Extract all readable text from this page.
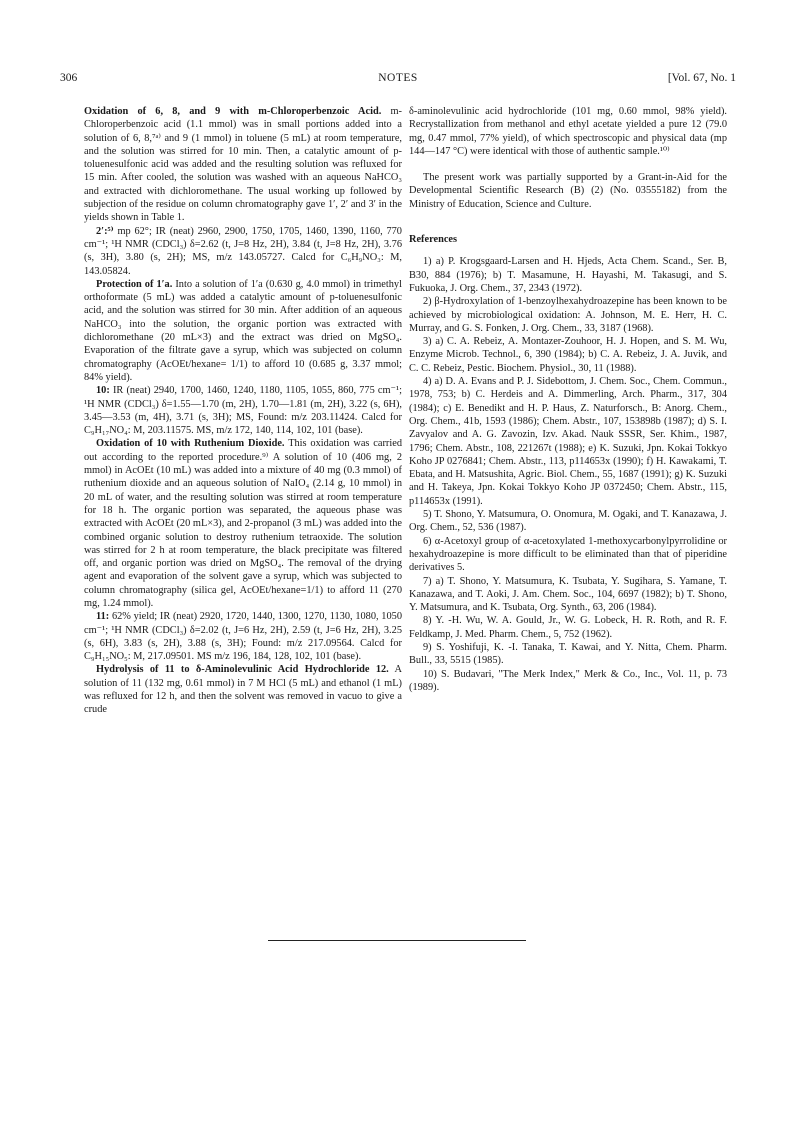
306	NOTES	[Vol. 67, No. 1

Oxidation of 6, 8, and 9 with m-Chloroperbenzoic Acid. m-Chloroperbenzoic acid (1.1 mmol) was in small portions added into a solution of 6, 8,⁷ᵃ⁾ and 9 (1 mmol) in toluene (5 mL) at room temperature, and the solution was stirred for 10 min. Then, a catalytic amount of p-toluenesulfonic acid was added and the resulting solution was refluxed for 15 min. After cooled, the solution was washed with an aqueous NaHCO₃ and extracted with dichloromethane. The usual working up followed by subjection of the residue on column chromatography gave 1′, 2′ and 3′ in the yields shown in Table 1.

2′:⁵⁾ mp 62°; IR (neat) 2960, 2900, 1750, 1705, 1460, 1390, 1160, 770 cm⁻¹; ¹H NMR (CDCl₃) δ=2.62 (t, J=8 Hz, 2H), 3.84 (t, J=8 Hz, 2H), 3.76 (s, 3H), 3.80 (s, 2H); MS, m/z 143.05727. Calcd for C₆H₉NO₃: M, 143.05824.

Protection of 1′a. Into a solution of 1′a (0.630 g, 4.0 mmol) in trimethyl orthoformate (5 mL) was added a catalytic amount of p-toluenesulfonic acid, and the solution was stirred for 30 min. After addition of an aqueous NaHCO₃ into the solution, the organic portion was extracted with dichloromethane (20 mL×3) and the extract was dried on MgSO₄. Evaporation of the filtrate gave a syrup, which was subjected on column chromatography (AcOEt/hexane= 1/1) to afford 10 (0.685 g, 3.37 mmol; 84% yield).

10: IR (neat) 2940, 1700, 1460, 1240, 1180, 1105, 1055, 860, 775 cm⁻¹; ¹H NMR (CDCl₃) δ=1.55—1.70 (m, 2H), 1.70—1.81 (m, 2H), 3.22 (s, 6H), 3.45—3.53 (m, 4H), 3.71 (s, 3H); MS, Found: m/z 203.11424. Calcd for C₉H₁₇NO₄: M, 203.11575. MS, m/z 172, 140, 114, 102, 101 (base).

Oxidation of 10 with Ruthenium Dioxide. This oxidation was carried out according to the reported procedure.⁹⁾ A solution of 10 (406 mg, 2 mmol) in AcOEt (10 mL) was added into a mixture of 40 mg (0.3 mmol) of ruthenium dioxide and an aqueous solution of NaIO₄ (2.14 g, 10 mmol) in 20 mL of water, and the resulting solution was stirred at room temperature for 18 h. The organic portion was separated, the aqueous phase was extracted with AcOEt (20 mL×3), and 2-propanol (3 mL) was added into the combined organic solution to destroy ruthenium tetraoxide. The solution was stirred for 2 h at room temperature, the black precipitate was filtered off, and organic portion was dried on MgSO₄. The removal of the drying agent and evaporation of the solvent gave a syrup, which was subjected to column chromatography (silica gel, AcOEt/hexane=1/1) to afford 11 (270 mg, 1.24 mmol).

11: 62% yield; IR (neat) 2920, 1720, 1440, 1300, 1270, 1130, 1080, 1050 cm⁻¹; ¹H NMR (CDCl₃) δ=2.02 (t, J=6 Hz, 2H), 2.59 (t, J=6 Hz, 2H), 3.25 (s, 6H), 3.83 (s, 2H), 3.88 (s, 3H); Found: m/z 217.09564. Calcd for C₉H₁₅NO₅: M, 217.09501. MS m/z 196, 184, 128, 102, 101 (base).

Hydrolysis of 11 to δ-Aminolevulinic Acid Hydrochloride 12. A solution of 11 (132 mg, 0.61 mmol) in 7 M HCl (5 mL) and ethanol (1 mL) was refluxed for 12 h, and then the solvent was removed in vacuo to give a crude

δ-aminolevulinic acid hydrochloride (101 mg, 0.60 mmol, 98% yield). Recrystallization from methanol and ethyl acetate yielded a pure 12 (79.0 mg, 0.47 mmol, 77% yield), of which spectroscopic and physical data (mp 144—147 °C) were identical with those of authentic sample.¹⁰⁾

The present work was partially supported by a Grant-in-Aid for the Developmental Scientific Research (B) (2) (No. 03555182) from the Ministry of Education, Science and Culture.

References

1) a) P. Krogsgaard-Larsen and H. Hjeds, Acta Chem. Scand., Ser. B, B30, 884 (1976); b) T. Masamune, H. Hayashi, M. Takasugi, and S. Fukuoka, J. Org. Chem., 37, 2343 (1972).

2) β-Hydroxylation of 1-benzoylhexahydroazepine has been known to be achieved by microbiological oxidation: A. Johnson, M. E. Herr, H. C. Murray, and G. S. Fonken, J. Org. Chem., 33, 3187 (1968).

3) a) C. A. Rebeiz, A. Montazer-Zouhoor, H. J. Hopen, and S. M. Wu, Enzyme Microb. Technol., 6, 390 (1984); b) C. A. Rebeiz, J. A. Juvik, and C. C. Rebeiz, Pestic. Biochem. Physiol., 30, 11 (1988).

4) a) D. A. Evans and P. J. Sidebottom, J. Chem. Soc., Chem. Commun., 1978, 753; b) C. Herdeis and A. Dimmerling, Arch. Pharm., 317, 304 (1984); c) E. Benedikt and H. P. Haus, Z. Naturforsch., B: Anorg. Chem., Org. Chem., 41b, 1593 (1986); Chem. Abstr., 107, 153898b (1987); d) S. I. Zavyalov and A. G. Zavozin, Izv. Akad. Nauk SSSR, Ser. Khim., 1987, 1796; Chem. Abstr., 108, 221267t (1988); e) K. Suzuki, Jpn. Kokai Tokkyo Koho JP 0276841; Chem. Abstr., 113, p114653x (1990); f) H. Kawakami, T. Ebata, and H. Matsushita, Agric. Biol. Chem., 55, 1687 (1991); g) K. Suzuki and H. Takeya, Jpn. Kokai Tokkyo Koho JP 0372450; Chem. Abstr., 115, p114653x (1991).

5) T. Shono, Y. Matsumura, O. Onomura, M. Ogaki, and T. Kanazawa, J. Org. Chem., 52, 536 (1987).

6) α-Acetoxyl group of α-acetoxylated 1-methoxycarbonylpyrrolidine or hexahydroazepine is more difficult to be eliminated than that of piperidine derivatives 5.

7) a) T. Shono, Y. Matsumura, K. Tsubata, Y. Sugihara, S. Yamane, T. Kanazawa, and T. Aoki, J. Am. Chem. Soc., 104, 6697 (1982); b) T. Shono, Y. Matsumura, and K. Tsubata, Org. Synth., 63, 206 (1984).

8) Y. -H. Wu, W. A. Gould, Jr., W. G. Lobeck, H. R. Roth, and R. F. Feldkamp, J. Med. Pharm. Chem., 5, 752 (1962).

9) S. Yoshifuji, K. -I. Tanaka, T. Kawai, and Y. Nitta, Chem. Pharm. Bull., 33, 5515 (1985).

10) S. Budavari, "The Merk Index," Merk & Co., Inc., Vol. 11, p. 73 (1989).
